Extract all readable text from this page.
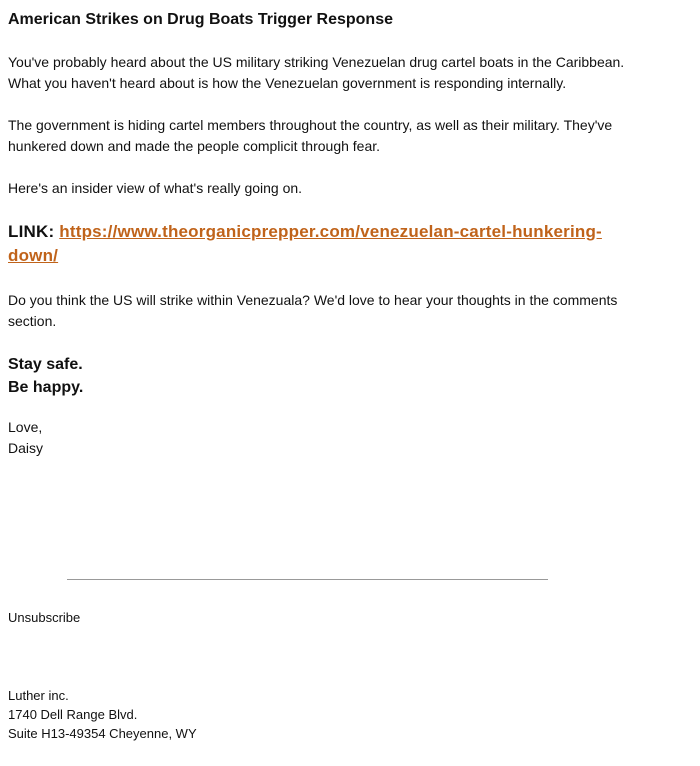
American Strikes on Drug Boats Trigger Response
You've probably heard about the US military striking Venezuelan drug cartel boats in the Caribbean.
What you haven't heard about is how the Venezuelan government is responding internally.
The government is hiding cartel members throughout the country, as well as their military. They've
hunkered down and made the people complicit through fear.
Here's an insider view of what's really going on.
LINK: https://www.theorganicprepper.com/venezuelan-cartel-hunkering-
down/
Do you think the US will strike within Venezuala? We'd love to hear your thoughts in the comments
section.
Stay safe.
Be happy.
Love,
Daisy
Unsubscribe
Luther inc.
1740 Dell Range Blvd.
Suite H13-49354 Cheyenne, WY
